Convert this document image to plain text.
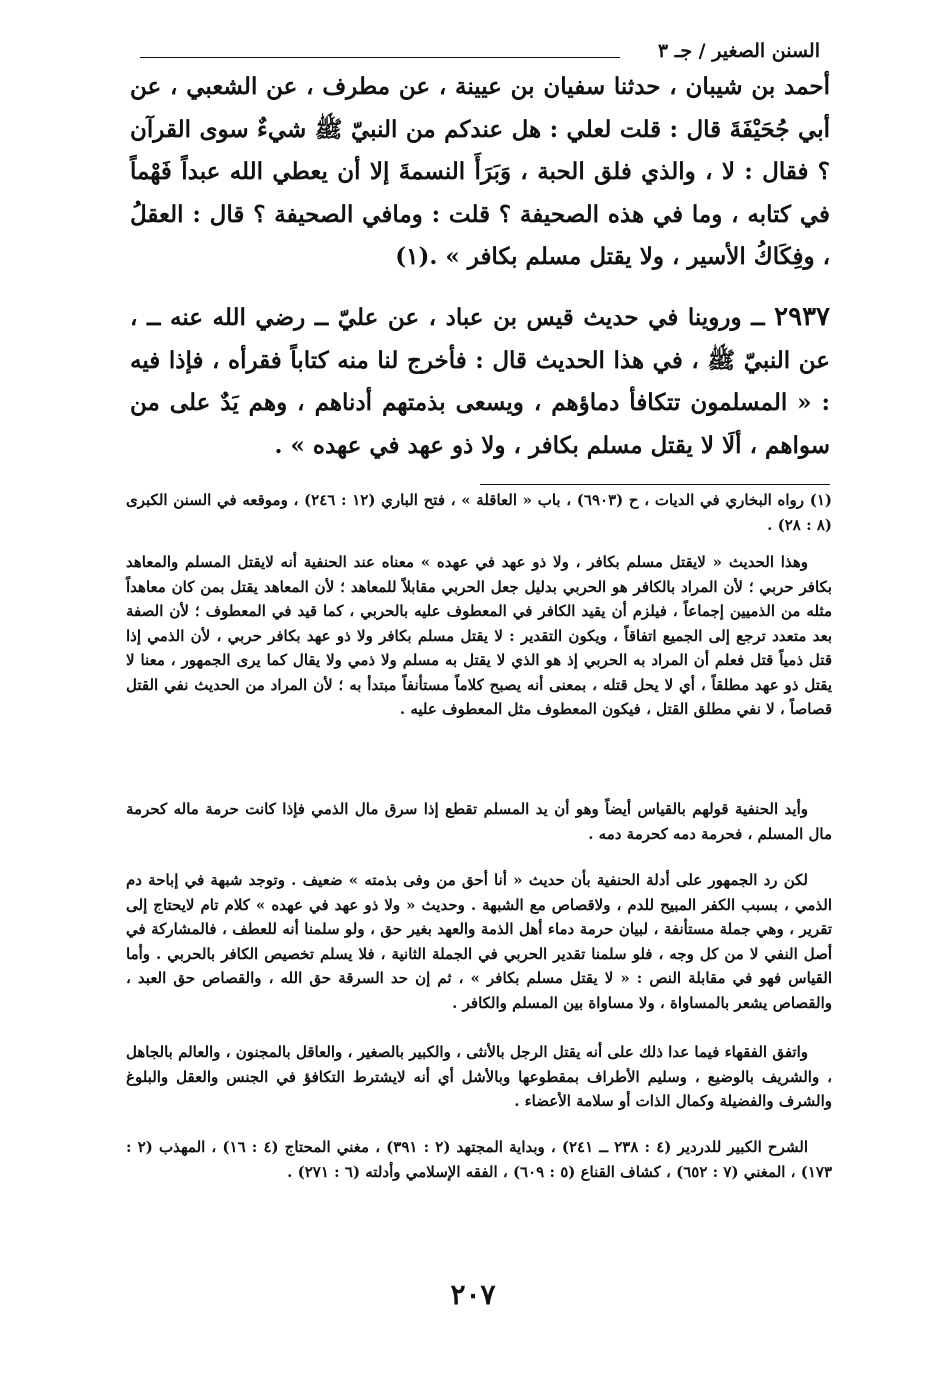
السنن الصغير / جـ ٣

أحمد بن شيبان ، حدثنا سفيان بن عيينة ، عن مطرف ، عن الشعبي ، عن أبي جُحَيْفَةَ قال : قلت لعلي : هل عندكم من النبيّ ﷺ شيءٌ سوى القرآن ؟ فقال : لا ، والذي فلق الحبة ، وَبَرَأَ النسمةَ إلا أن يعطي الله عبداً فَهْماً في كتابه ، وما في هذه الصحيفة ؟ قلت : ومافي الصحيفة ؟ قال : العقلُ ، وفِكَاكُ الأسير ، ولا يقتل مسلم بكافر » .(١)

٢٩٣٧ ــ وروينا في حديث قيس بن عباد ، عن عليّ ــ رضي الله عنه ــ ، عن النبيّ ﷺ ، في هذا الحديث قال : فأخرج لنا منه كتاباً فقرأه ، فإذا فيه : « المسلمون تتكافأ دماؤهم ، ويسعى بذمتهم أدناهم ، وهم يَدٌ على من سواهم ، ألَا لا يقتل مسلم بكافر ، ولا ذو عهد في عهده » .

(١) رواه البخاري في الديات ، ح (٦٩٠٣) ، باب « العاقلة » ، فتح الباري (١٢ : ٢٤٦) ، وموقعه في السنن الكبرى (٨ : ٢٨) .

وهذا الحديث « لايقتل مسلم بكافر ، ولا ذو عهد في عهده » معناه عند الحنفية أنه لايقتل المسلم والمعاهد بكافر حربي ؛ لأن المراد بالكافر هو الحربي بدليل جعل الحربي مقابلاً للمعاهد ؛ لأن المعاهد يقتل بمن كان معاهداً مثله من الذميين إجماعاً ، فيلزم أن يقيد الكافر في المعطوف عليه بالحربي ، كما قيد في المعطوف ؛ لأن الصفة بعد متعدد ترجع إلى الجميع اتفاقاً ، ويكون التقدير : لا يقتل مسلم بكافر ولا ذو عهد بكافر حربي ، لأن الذمي إذا قتل ذمياً قتل فعلم أن المراد به الحربي إذ هو الذي لا يقتل به مسلم ولا ذمي ولا يقال كما يرى الجمهور ، معنا لا يقتل ذو عهد مطلقاً ، أي لا يحل قتله ، بمعنى أنه يصبح كلاماً مستأنفاً مبتدأ به ؛ لأن المراد من الحديث نفي القتل قصاصاً ، لا نفي مطلق القتل ، فيكون المعطوف مثل المعطوف عليه .

وأيد الحنفية قولهم بالقياس أيضاً وهو أن يد المسلم تقطع إذا سرق مال الذمي فإذا كانت حرمة ماله كحرمة مال المسلم ، فحرمة دمه كحرمة دمه .

لكن رد الجمهور على أدلة الحنفية بأن حديث « أنا أحق من وفى بذمته » ضعيف . وتوجد شبهة في إباحة دم الذمي ، بسبب الكفر المبيح للدم ، ولاقصاص مع الشبهة . وحديث « ولا ذو عهد في عهده » كلام تام لايحتاج إلى تقرير ، وهي جملة مستأنفة ، لبيان حرمة دماء أهل الذمة والعهد بغير حق ، ولو سلمنا أنه للعطف ، فالمشاركة في أصل النفي لا من كل وجه ، فلو سلمنا تقدير الحربي في الجملة الثانية ، فلا يسلم تخصيص الكافر بالحربي . وأما القياس فهو في مقابلة النص : « لا يقتل مسلم بكافر » ، ثم إن حد السرقة حق الله ، والقصاص حق العبد ، والقصاص يشعر بالمساواة ، ولا مساواة بين المسلم والكافر .

واتفق الفقهاء فيما عدا ذلك على أنه يقتل الرجل بالأنثى ، والكبير بالصغير ، والعاقل بالمجنون ، والعالم بالجاهل ، والشريف بالوضيع ، وسليم الأطراف بمقطوعها وبالأشل أي أنه لايشترط التكافؤ في الجنس والعقل والبلوغ والشرف والفضيلة وكمال الذات أو سلامة الأعضاء .

الشرح الكبير للدردير (٤ : ٢٣٨ ــ ٢٤١) ، وبداية المجتهد (٢ : ٣٩١) ، مغني المحتاج (٤ : ١٦) ، المهذب (٢ : ١٧٣) ، المغني (٧ : ٦٥٢) ، كشاف القناع (٥ : ٦٠٩) ، الفقه الإسلامي وأدلته (٦ : ٢٧١) .

٢٠٧
